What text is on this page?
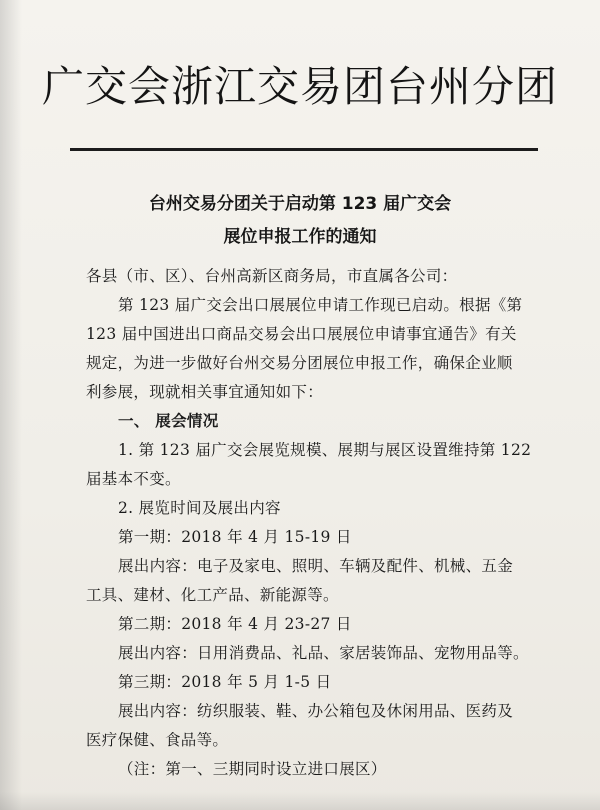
广交会浙江交易团台州分团
台州交易分团关于启动第 123 届广交会
展位申报工作的通知

各县（市、区）、台州高新区商务局，市直属各公司：

第 123 届广交会出口展展位申请工作现已启动。根据《第

123 届中国进出口商品交易会出口展展位申请事宜通告》有关

规定，为进一步做好台州交易分团展位申报工作，确保企业顺

利参展，现就相关事宜通知如下：

一、 展会情况

1. 第 123 届广交会展览规模、展期与展区设置维持第 122

届基本不变。

2. 展览时间及展出内容

第一期：2018 年 4 月 15-19 日

展出内容：电子及家电、照明、车辆及配件、机械、五金

工具、建材、化工产品、新能源等。

第二期：2018 年 4 月 23-27 日

展出内容：日用消费品、礼品、家居装饰品、宠物用品等。

第三期：2018 年 5 月 1-5 日

展出内容：纺织服装、鞋、办公箱包及休闲用品、医药及

医疗保健、食品等。

（注：第一、三期同时设立进口展区）
